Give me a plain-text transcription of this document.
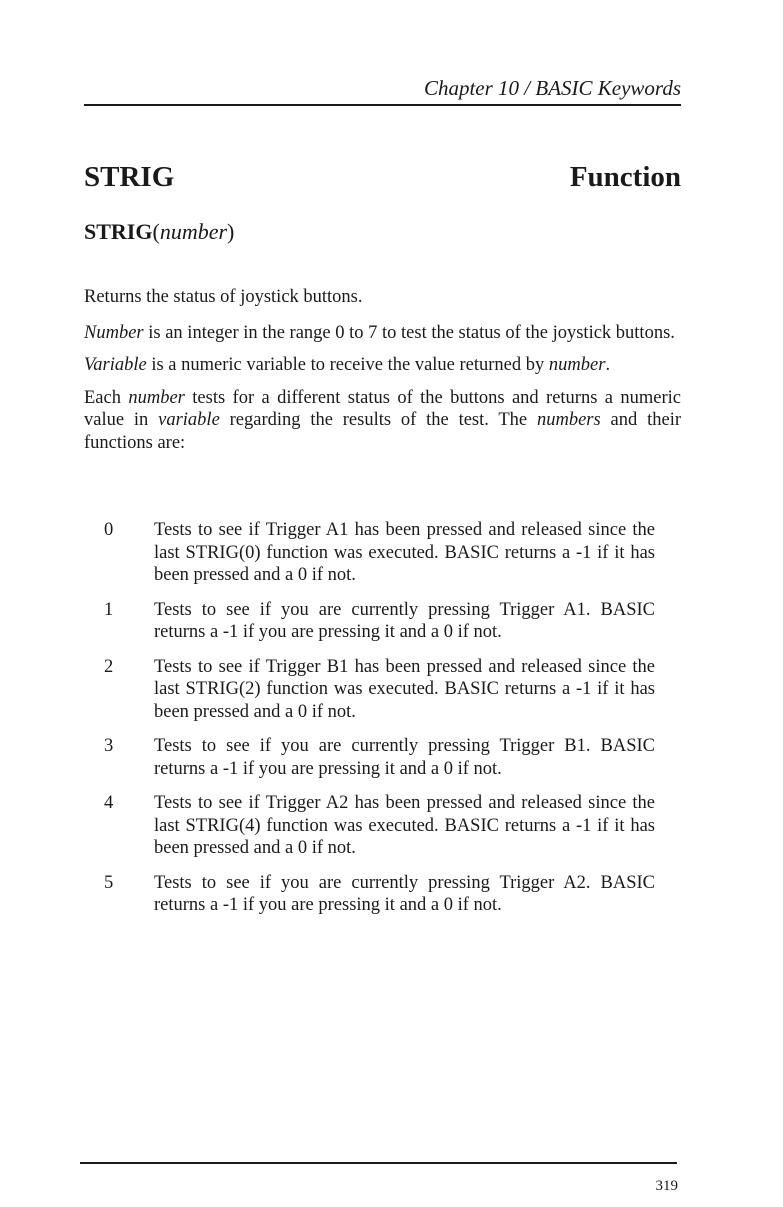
Chapter 10 / BASIC Keywords
STRIG	Function
STRIG(number)

Returns the status of joystick buttons.

Number is an integer in the range 0 to 7 to test the status of the joystick buttons.

Variable is a numeric variable to receive the value returned by number.

Each number tests for a different status of the buttons and returns a numeric value in variable regarding the results of the test. The numbers and their functions are:

0	Tests to see if Trigger A1 has been pressed and released since the last STRIG(0) function was executed. BASIC returns a -1 if it has been pressed and a 0 if not.
1	Tests to see if you are currently pressing Trigger A1. BASIC returns a -1 if you are pressing it and a 0 if not.
2	Tests to see if Trigger B1 has been pressed and released since the last STRIG(2) function was executed. BASIC returns a -1 if it has been pressed and a 0 if not.
3	Tests to see if you are currently pressing Trigger B1. BASIC returns a -1 if you are pressing it and a 0 if not.
4	Tests to see if Trigger A2 has been pressed and released since the last STRIG(4) function was executed. BASIC returns a -1 if it has been pressed and a 0 if not.
5	Tests to see if you are currently pressing Trigger A2. BASIC returns a -1 if you are pressing it and a 0 if not.
319
